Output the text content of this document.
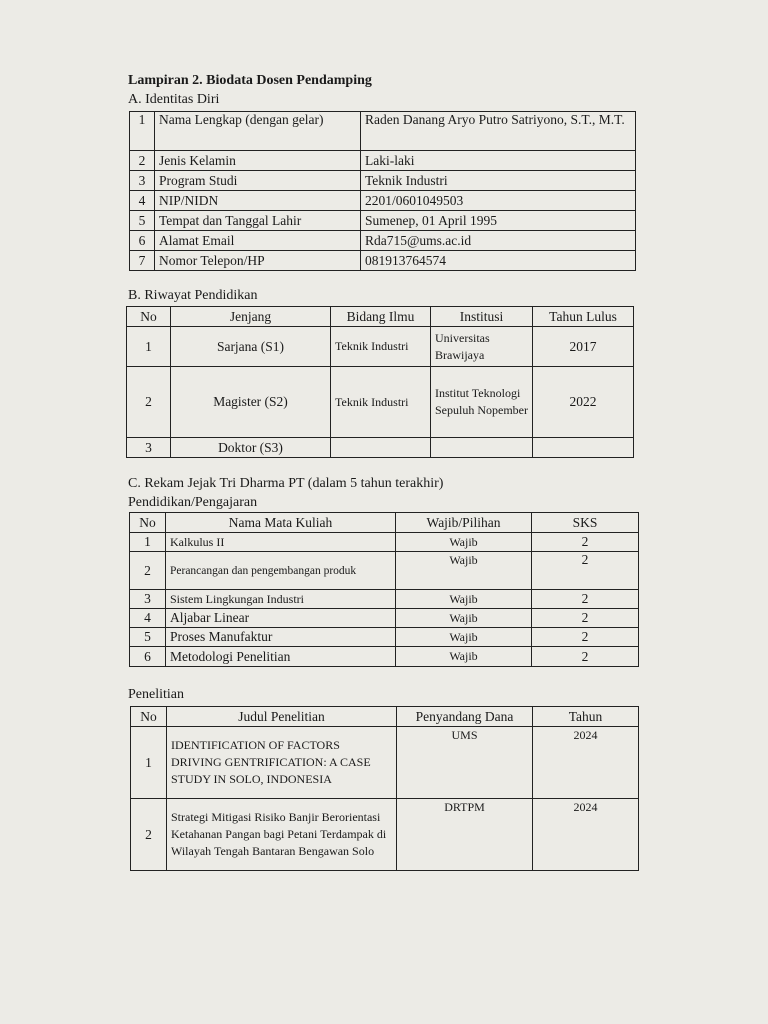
Lampiran 2. Biodata Dosen Pendamping
A. Identitas Diri
1	Nama Lengkap (dengan gelar)	Raden Danang Aryo Putro Satriyono, S.T., M.T.
2	Jenis Kelamin	Laki-laki
3	Program Studi	Teknik Industri
4	NIP/NIDN	2201/0601049503
5	Tempat dan Tanggal Lahir	Sumenep, 01 April 1995
6	Alamat Email	Rda715@ums.ac.id
7	Nomor Telepon/HP	081913764574
B. Riwayat Pendidikan
No	Jenjang	Bidang Ilmu	Institusi	Tahun Lulus
1	Sarjana (S1)	Teknik Industri	Universitas Brawijaya	2017
2	Magister (S2)	Teknik Industri	Institut Teknologi Sepuluh Nopember	2022
3	Doktor (S3)			
C. Rekam Jejak Tri Dharma PT (dalam 5 tahun terakhir)
Pendidikan/Pengajaran
No	Nama Mata Kuliah	Wajib/Pilihan	SKS
1	Kalkulus II	Wajib	2
2	Perancangan dan pengembangan produk	Wajib	2
3	Sistem Lingkungan Industri	Wajib	2
4	Aljabar Linear	Wajib	2
5	Proses Manufaktur	Wajib	2
6	Metodologi Penelitian	Wajib	2
Penelitian
No	Judul Penelitian	Penyandang Dana	Tahun
1	IDENTIFICATION OF FACTORS DRIVING GENTRIFICATION: A CASE STUDY IN SOLO, INDONESIA	UMS	2024
2	Strategi Mitigasi Risiko Banjir Berorientasi Ketahanan Pangan bagi Petani Terdampak di Wilayah Tengah Bantaran Bengawan Solo	DRTPM	2024
